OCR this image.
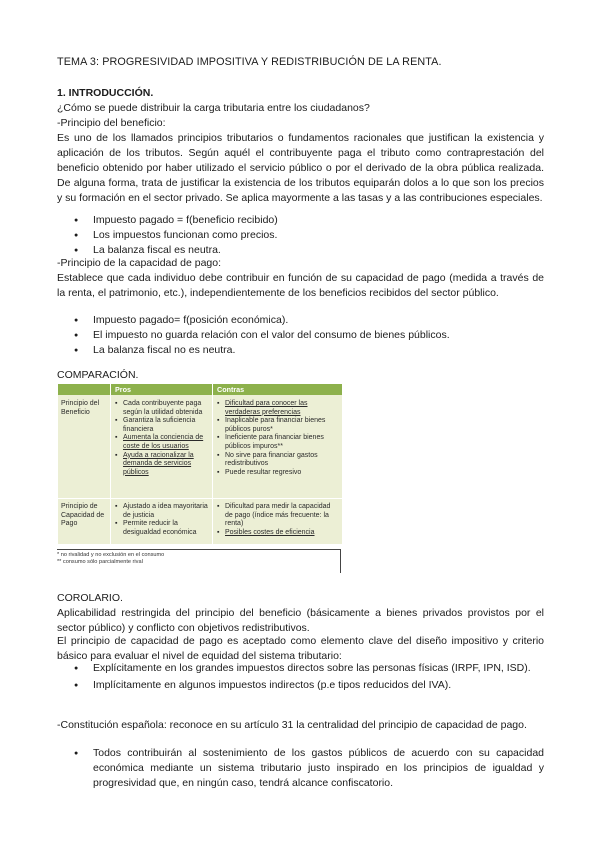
TEMA 3: PROGRESIVIDAD IMPOSITIVA Y REDISTRIBUCIÓN DE LA RENTA.

1. INTRODUCCIÓN.

¿Cómo se puede distribuir la carga tributaria entre los ciudadanos?

-Principio del beneficio:

Es uno de los llamados principios tributarios o fundamentos racionales que justifican la existencia y aplicación de los tributos. Según aquél el contribuyente paga el tributo como contraprestación del beneficio obtenido por haber utilizado el servicio público o por el derivado de la obra pública realizada. De alguna forma, trata de justificar la existencia de los tributos equiparán dolos a lo que son los precios y su formación en el sector privado. Se aplica mayormente a las tasas y a las contribuciones especiales.

● Impuesto pagado = f(beneficio recibido)
● Los impuestos funcionan como precios.
● La balanza fiscal es neutra.

-Principio de la capacidad de pago:

Establece que cada individuo debe contribuir en función de su capacidad de pago (medida a través de la renta, el patrimonio, etc.), independientemente de los beneficios recibidos del sector público.

● Impuesto pagado= f(posición económica).
● El impuesto no guarda relación con el valor del consumo de bienes públicos.
● La balanza fiscal no es neutra.

COMPARACIÓN.

Pros	Contras
Principio del Beneficio
▪ Cada contribuyente paga según la utilidad obtenida
▪ Garantiza la suficiencia financiera
▪ Aumenta la conciencia de coste de los usuarios
▪ Ayuda a racionalizar la demanda de servicios públicos
▪ Dificultad para conocer las verdaderas preferencias
▪ Inaplicable para financiar bienes públicos puros*
▪ Ineficiente para financiar bienes públicos impuros**
▪ No sirve para financiar gastos redistributivos
▪ Puede resultar regresivo
Principio de Capacidad de Pago
▪ Ajustado a idea mayoritaria de justicia
▪ Permite reducir la desigualdad económica
▪ Dificultad para medir la capacidad de pago (índice más frecuente: la renta)
▪ Posibles costes de eficiencia
* no rivalidad y no exclusión en el consumo
** consumo sólo parcialmente rival

COROLARIO.

Aplicabilidad restringida del principio del beneficio (básicamente a bienes privados provistos por el sector público) y conflicto con objetivos redistributivos.

El principio de capacidad de pago es aceptado como elemento clave del diseño impositivo y criterio básico para evaluar el nivel de equidad del sistema tributario:

● Explícitamente en los grandes impuestos directos sobre las personas físicas (IRPF, IPN, ISD).
● Implícitamente en algunos impuestos indirectos (p.e tipos reducidos del IVA).

-Constitución española: reconoce en su artículo 31 la centralidad del principio de capacidad de pago.

● Todos contribuirán al sostenimiento de los gastos públicos de acuerdo con su capacidad económica mediante un sistema tributario justo inspirado en los principios de igualdad y progresividad que, en ningún caso, tendrá alcance confiscatorio.
